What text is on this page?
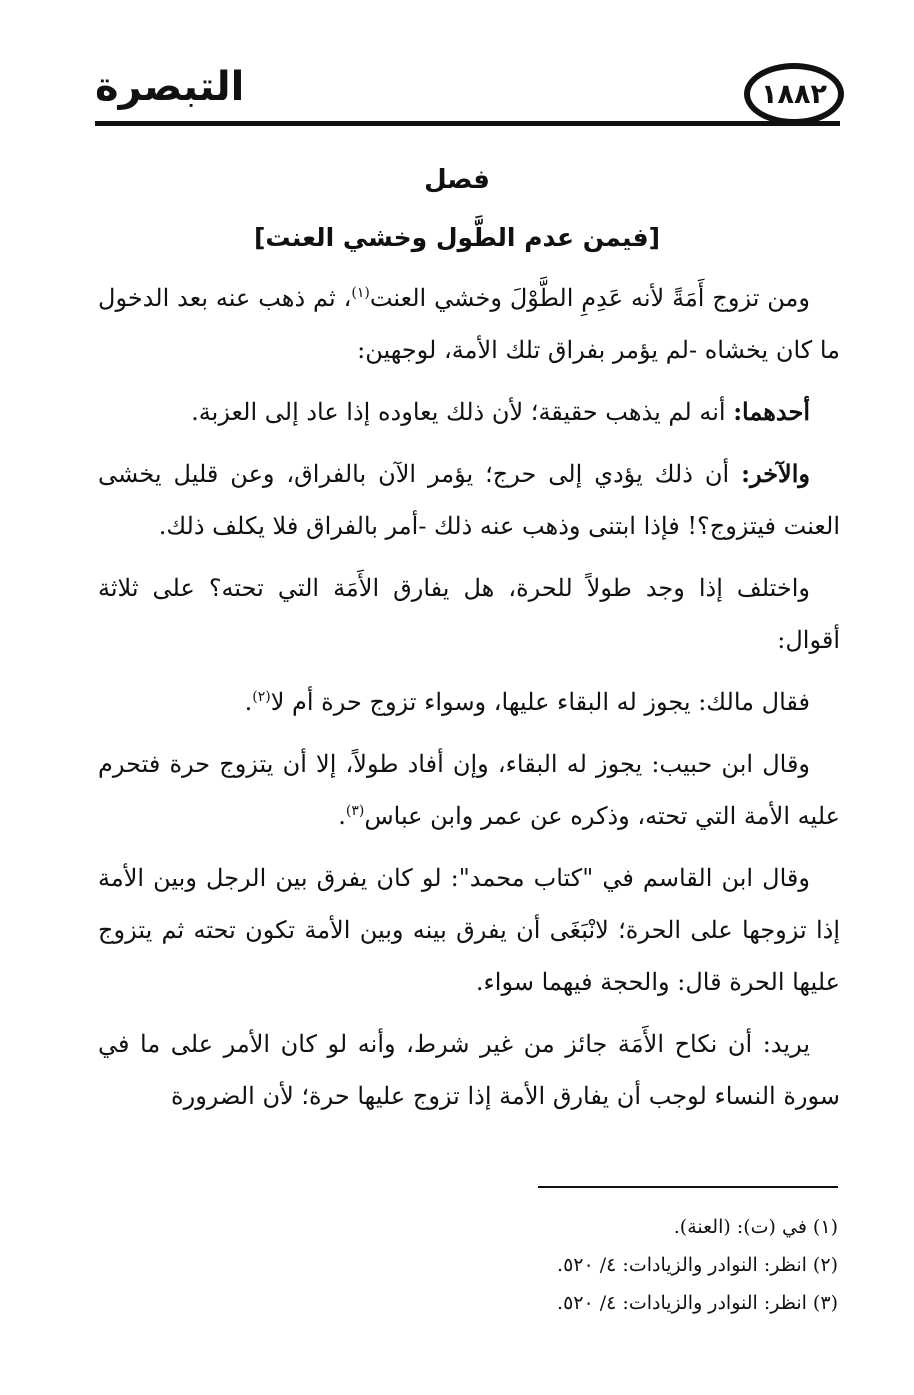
١٨٨٢
التبصرة
فصل
[فيمن عدم الطَّول وخشي العنت]

ومن تزوج أَمَةً لأنه عَدِمِ الطَّوْلَ وخشي العنت$^{(١)}$، ثم ذهب عنه بعد الدخول ما كان يخشاه -لم يؤمر بفراق تلك الأمة، لوجهين:

أحدهما: أنه لم يذهب حقيقة؛ لأن ذلك يعاوده إذا عاد إلى العزبة.

والآخر: أن ذلك يؤدي إلى حرج؛ يؤمر الآن بالفراق، وعن قليل يخشى العنت فيتزوج؟! فإذا ابتنى وذهب عنه ذلك -أمر بالفراق فلا يكلف ذلك.

واختلف إذا وجد طولاً للحرة، هل يفارق الأَمَة التي تحته؟ على ثلاثة أقوال:

فقال مالك: يجوز له البقاء عليها، وسواء تزوج حرة أم لا$^{(٢)}$.

وقال ابن حبيب: يجوز له البقاء، وإن أفاد طولاً، إلا أن يتزوج حرة فتحرم عليه الأمة التي تحته، وذكره عن عمر وابن عباس$^{(٣)}$.

وقال ابن القاسم في "كتاب محمد": لو كان يفرق بين الرجل وبين الأمة إذا تزوجها على الحرة؛ لانْبَغَى أن يفرق بينه وبين الأمة تكون تحته ثم يتزوج عليها الحرة قال: والحجة فيهما سواء.

يريد: أن نكاح الأَمَة جائز من غير شرط، وأنه لو كان الأمر على ما في سورة النساء لوجب أن يفارق الأمة إذا تزوج عليها حرة؛ لأن الضرورة

(١) في (ت): (العنة).
(٢) انظر: النوادر والزيادات: ٤/ ٥٢٠.
(٣) انظر: النوادر والزيادات: ٤/ ٥٢٠.
